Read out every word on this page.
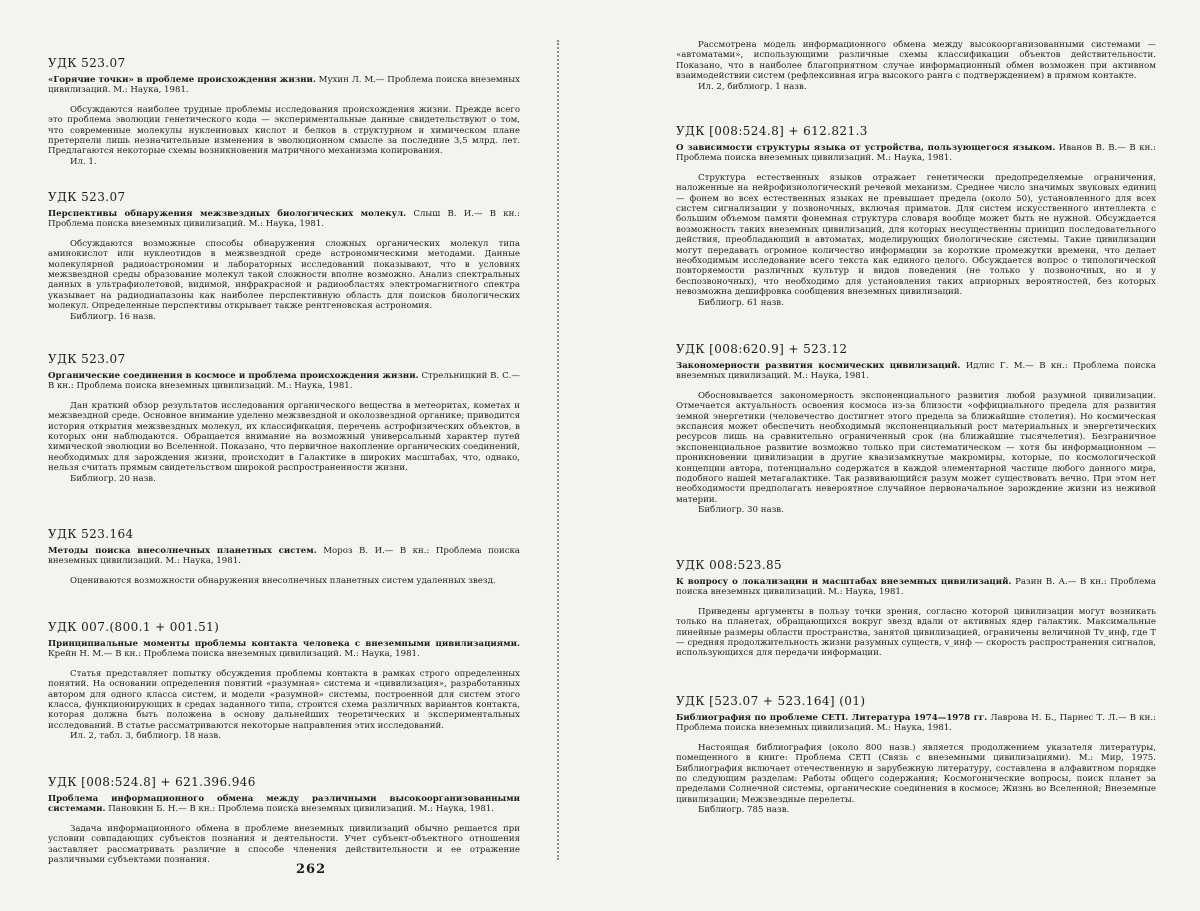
УДК 523.07
«Горячие точки» в проблеме происхождения жизни. Мухин Л. М.— Проблема поиска внеземных цивилизаций. М.: Наука, 1981.

Обсуждаются наиболее трудные проблемы исследования происхождения жизни. Прежде всего это проблема эволюции генетического кода — экспериментальные данные свидетельствуют о том, что современные молекулы нуклеиновых кислот и белков в структурном и химическом плане претерпели лишь незначительные изменения в эволюционном смысле за последние 3,5 млрд. лет. Предлагаются некоторые схемы возникновения матричного механизма копирования.

Ил. 1.
УДК 523.07
Перспективы обнаружения межзвездных биологических молекул. Слыш В. И.— В кн.: Проблема поиска внеземных цивилизаций. М.: Наука, 1981.

Обсуждаются возможные способы обнаружения сложных органических молекул типа аминокислот или нуклеотидов в межзвездной среде астрономическими методами. Данные молекулярной радиоастрономии и лабораторных исследований показывают, что в условиях межзвездной среды образование молекул такой сложности вполне возможно. Анализ спектральных данных в ультрафиолетовой, видимой, инфракрасной и радиообластях электромагнитного спектра указывает на радиодиапазоны как наиболее перспективную область для поисков биологических молекул. Определенные перспективы открывает также рентгеновская астрономия.

Библиогр. 16 назв.
УДК 523.07
Органические соединения в космосе и проблема происхождения жизни. Стрельницкий В. С.— В кн.: Проблема поиска внеземных цивилизаций. М.: Наука, 1981.

Дан краткий обзор результатов исследования органического вещества в метеоритах, кометах и межзвездной среде. Основное внимание уделено межзвездной и околозвездной органике; приводится история открытия межзвездных молекул, их классификация, перечень астрофизических объектов, в которых они наблюдаются. Обращается внимание на возможный универсальный характер путей химической эволюции во Вселенной. Показано, что первичное накопление органических соединений, необходимых для зарождения жизни, происходит в Галактике в широких масштабах, что, однако, нельзя считать прямым свидетельством широкой распространенности жизни.

Библиогр. 20 назв.
УДК 523.164
Методы поиска внесолнечных планетных систем. Мороз В. И.— В кн.: Проблема поиска внеземных цивилизаций. М.: Наука, 1981.

Оцениваются возможности обнаружения внесолнечных планетных систем удаленных звезд.

УДК 007.(800.1 + 001.51)
Принципиальные моменты проблемы контакта человека с внеземными цивилизациями. Крейн Н. М.— В кн.: Проблема поиска внеземных цивилизаций. М.: Наука, 1981.

Статья представляет попытку обсуждения проблемы контакта в рамках строго определенных понятий. На основании определения понятий «разумная» система и «цивилизация», разработанных автором для одного класса систем, и модели «разумной» системы, построенной для систем этого класса, функционирующих в средах заданного типа, строится схема различных вариантов контакта, которая должна быть положена в основу дальнейших теоретических и экспериментальных исследований. В статье рассматриваются некоторые направления этих исследований.

Ил. 2, табл. 3, библиогр. 18 назв.
УДК [008:524.8] + 621.396.946
Проблема информационного обмена между различными высокоорганизованными системами. Пановкин Б. Н.— В кн.: Проблема поиска внеземных цивилизаций. М.: Наука, 1981.

Задача информационного обмена в проблеме внеземных цивилизаций обычно решается при условии совпадающих субъектов познания и деятельности. Учет субъект-объектного отношения заставляет рассматривать различие в способе членения действительности и ее отражение различными субъектами познания.

Рассмотрена модель информационного обмена между высокоорганизованными системами — «автоматами», использующими различные схемы классификации объектов действительности. Показано, что в наиболее благоприятном случае информационный обмен возможен при активном взаимодействии систем (рефлексивная игра высокого ранга с подтверждением) в прямом контакте.

Ил. 2, библиогр. 1 назв.
УДК [008:524.8] + 612.821.3
О зависимости структуры языка от устройства, пользующегося языком. Иванов В. В.— В кн.: Проблема поиска внеземных цивилизаций. М.: Наука, 1981.

Структура естественных языков отражает генетически предопределяемые ограничения, наложенные на нейрофизиологический речевой механизм. Среднее число значимых звуковых единиц — фонем во всех естественных языках не превышает предела (около 50), установленного для всех систем сигнализации у позвоночных, включая приматов. Для систем искусственного интеллекта с большим объемом памяти фонемная структура словаря вообще может быть не нужной. Обсуждается возможность таких внеземных цивилизаций, для которых несущественны принцип последовательного действия, преобладающий в автоматах, моделирующих биологические системы. Такие цивилизации могут передавать огромное количество информации за короткие промежутки времени, что делает необходимым исследование всего текста как единого целого. Обсуждается вопрос о типологической повторяемости различных культур и видов поведения (не только у позвоночных, но и у беспозвоночных), что необходимо для установления таких априорных вероятностей, без которых невозможна дешифровка сообщения внеземных цивилизаций.

Библиогр. 61 назв.
УДК [008:620.9] + 523.12
Закономерности развития космических цивилизаций. Идлис Г. М.— В кн.: Проблема поиска внеземных цивилизаций. М.: Наука, 1981.

Обосновывается закономерность экспоненциального развития любой разумной цивилизации. Отмечается актуальность освоения космоса из-за близости «оффициального предела для развития земной энергетики (человечество достигнет этого предела за ближайшие столетия). Но космическая экспансия может обеспечить необходимый экспоненциальный рост материальных и энергетических ресурсов лишь на сравнительно ограниченный срок (на ближайшие тысячелетия). Безграничное экспоненциальное развитие возможно только при систематическом — хотя бы информационном — проникновении цивилизации в другие квазизамкнутые макромиры, которые, по космологической концепции автора, потенциально содержатся в каждой элементарной частице любого данного мира, подобного нашей метагалактике. Так развивающийся разум может существовать вечно. При этом нет необходимости предполагать невероятное случайное первоначальное зарождение жизни из неживой материи.

Библиогр. 30 назв.
УДК 008:523.85
К вопросу о локализации и масштабах внеземных цивилизаций. Разин В. А.— В кн.: Проблема поиска внеземных цивилизаций. М.: Наука, 1981.

Приведены аргументы в пользу точки зрения, согласно которой цивилизации могут возникать только на планетах, обращающихся вокруг звезд вдали от активных ядер галактик. Максимальные линейные размеры области пространства, занятой цивилизацией, ограничены величиной Tv_инф, где T — средняя продолжительность жизни разумных существ, v_инф — скорость распространения сигналов, использующихся для передачи информации.

УДК [523.07 + 523.164] (01)
Библиография по проблеме СЕТI. Литература 1974—1978 гг. Лаврова Н. Б., Парнес Т. Л.— В кн.: Проблема поиска внеземных цивилизаций. М.: Наука, 1981.

Настоящая библиография (около 800 назв.) является продолжением указателя литературы, помещенного в книге: Проблема СЕТI (Связь с внеземными цивилизациями). М.: Мир, 1975. Библиография включает отечественную и зарубежную литературу, составлена в алфавитном порядке по следующим разделам: Работы общего содержания; Космогонические вопросы, поиск планет за пределами Солнечной системы, органические соединения в космосе; Жизнь во Вселенной; Внеземные цивилизации; Межзвездные перелеты.

Библиогр. 785 назв.
262
